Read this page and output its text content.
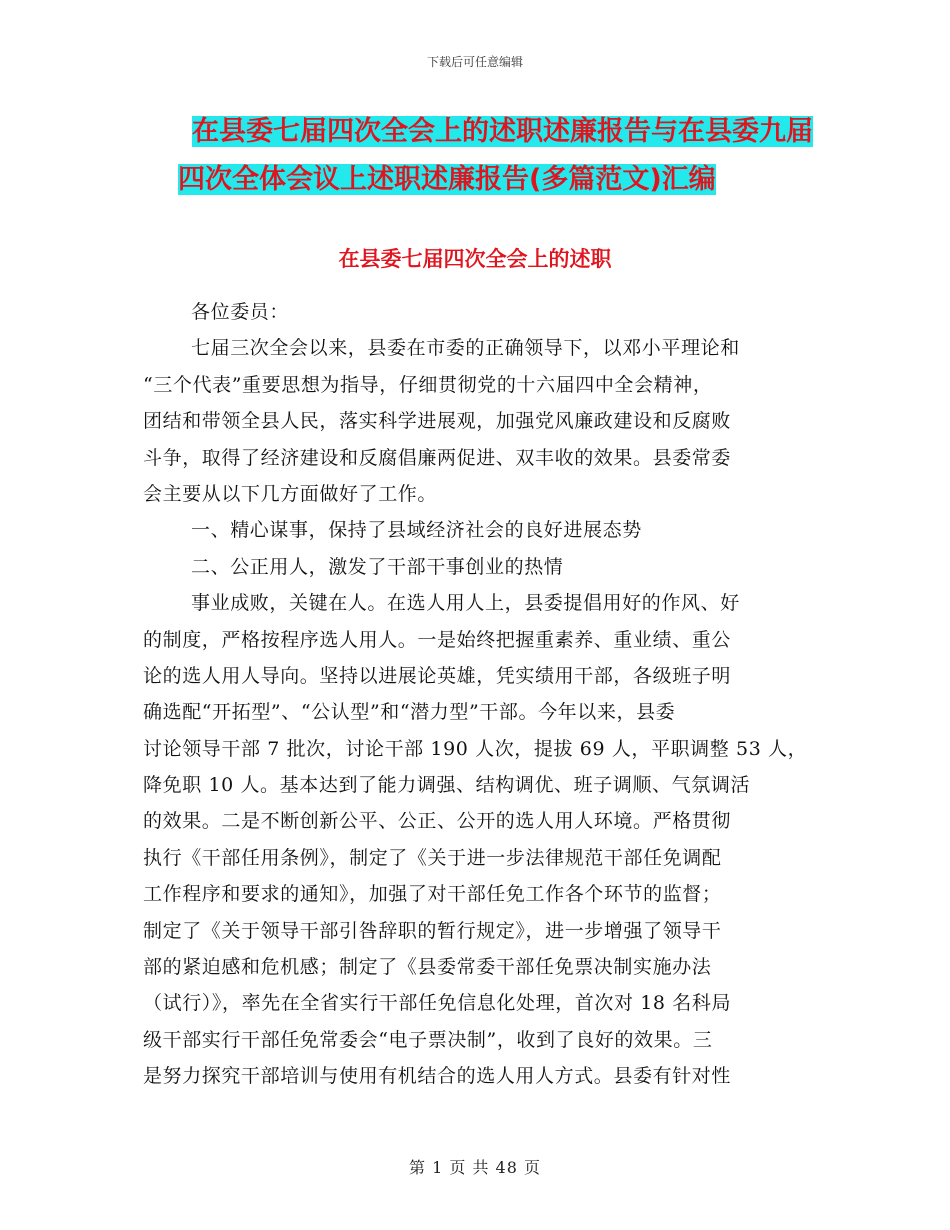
下载后可任意编辑
在县委七届四次全会上的述职述廉报告与在县委九届
四次全体会议上述职述廉报告(多篇范文)汇编
在县委七届四次全会上的述职
各位委员：
七届三次全会以来，县委在市委的正确领导下，以邓小平理论和
“三个代表”重要思想为指导，仔细贯彻党的十六届四中全会精神，
团结和带领全县人民，落实科学进展观，加强党风廉政建设和反腐败
斗争，取得了经济建设和反腐倡廉两促进、双丰收的效果。县委常委
会主要从以下几方面做好了工作。
一、精心谋事，保持了县域经济社会的良好进展态势
二、公正用人，激发了干部干事创业的热情
事业成败，关键在人。在选人用人上，县委提倡用好的作风、好
的制度，严格按程序选人用人。一是始终把握重素养、重业绩、重公
论的选人用人导向。坚持以进展论英雄，凭实绩用干部，各级班子明
确选配“开拓型”、“公认型”和“潜力型”干部。今年以来，县委
讨论领导干部 7 批次，讨论干部 190 人次，提拔 69 人，平职调整 53 人，
降免职 10 人。基本达到了能力调强、结构调优、班子调顺、气氛调活
的效果。二是不断创新公平、公正、公开的选人用人环境。严格贯彻
执行《干部任用条例》，制定了《关于进一步法律规范干部任免调配
工作程序和要求的通知》，加强了对干部任免工作各个环节的监督；
制定了《关于领导干部引咎辞职的暂行规定》，进一步增强了领导干
部的紧迫感和危机感；制定了《县委常委干部任免票决制实施办法
（试行）》，率先在全省实行干部任免信息化处理，首次对 18 名科局
级干部实行干部任免常委会“电子票决制”，收到了良好的效果。三
是努力探究干部培训与使用有机结合的选人用人方式。县委有针对性
第 1 页 共 48 页
